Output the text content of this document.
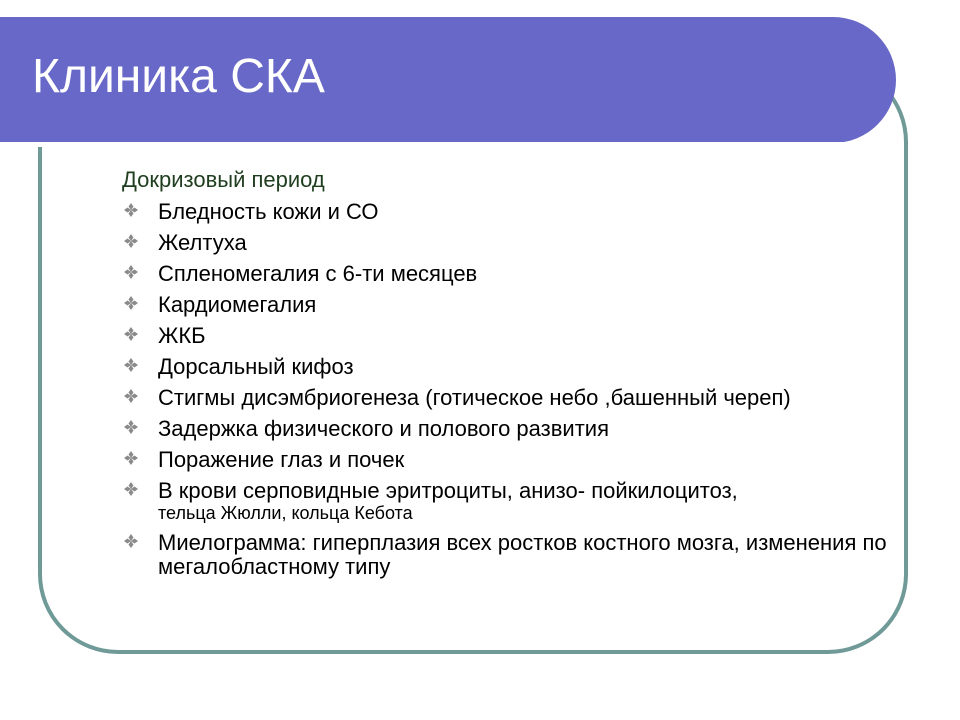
Клиника СКА
Докризовый период
Бледность кожи и СО
Желтуха
Спленомегалия с 6-ти месяцев
Кардиомегалия
ЖКБ
Дорсальный кифоз
Стигмы дисэмбриогенеза (готическое небо ,башенный череп)
Задержка физического и полового развития
Поражение глаз и почек
В крови серповидные эритроциты, анизо- пойкилоцитоз,
тельца Жюлли, кольца Кебота
Миелограмма: гиперплазия всех ростков костного мозга, изменения по мегалобластному типу
